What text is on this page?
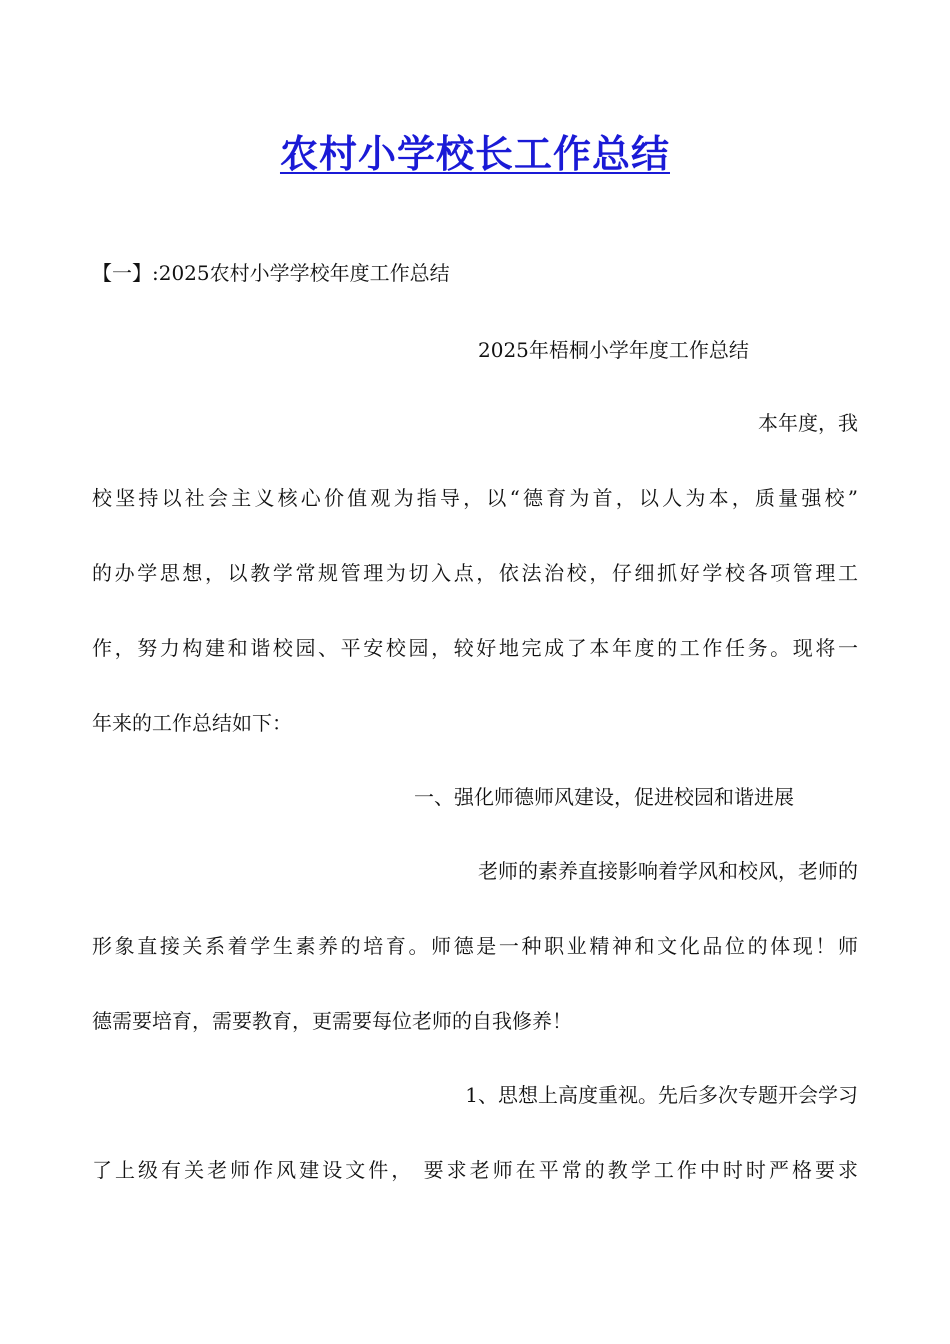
农村小学校长工作总结
【一】:2025农村小学学校年度工作总结
2025年梧桐小学年度工作总结
本年度，我
校坚持以社会主义核心价值观为指导，以“德育为首，以人为本，质量强校”
的办学思想，以教学常规管理为切入点，依法治校，仔细抓好学校各项管理工
作，努力构建和谐校园、平安校园，较好地完成了本年度的工作任务。现将一
年来的工作总结如下：
一、强化师德师风建设，促进校园和谐进展
老师的素养直接影响着学风和校风，老师的
形象直接关系着学生素养的培育。师德是一种职业精神和文化品位的体现！师
德需要培育，需要教育，更需要每位老师的自我修养！
1、思想上高度重视。先后多次专题开会学习
了上级有关老师作风建设文件， 要求老师在平常的教学工作中时时严格要求
